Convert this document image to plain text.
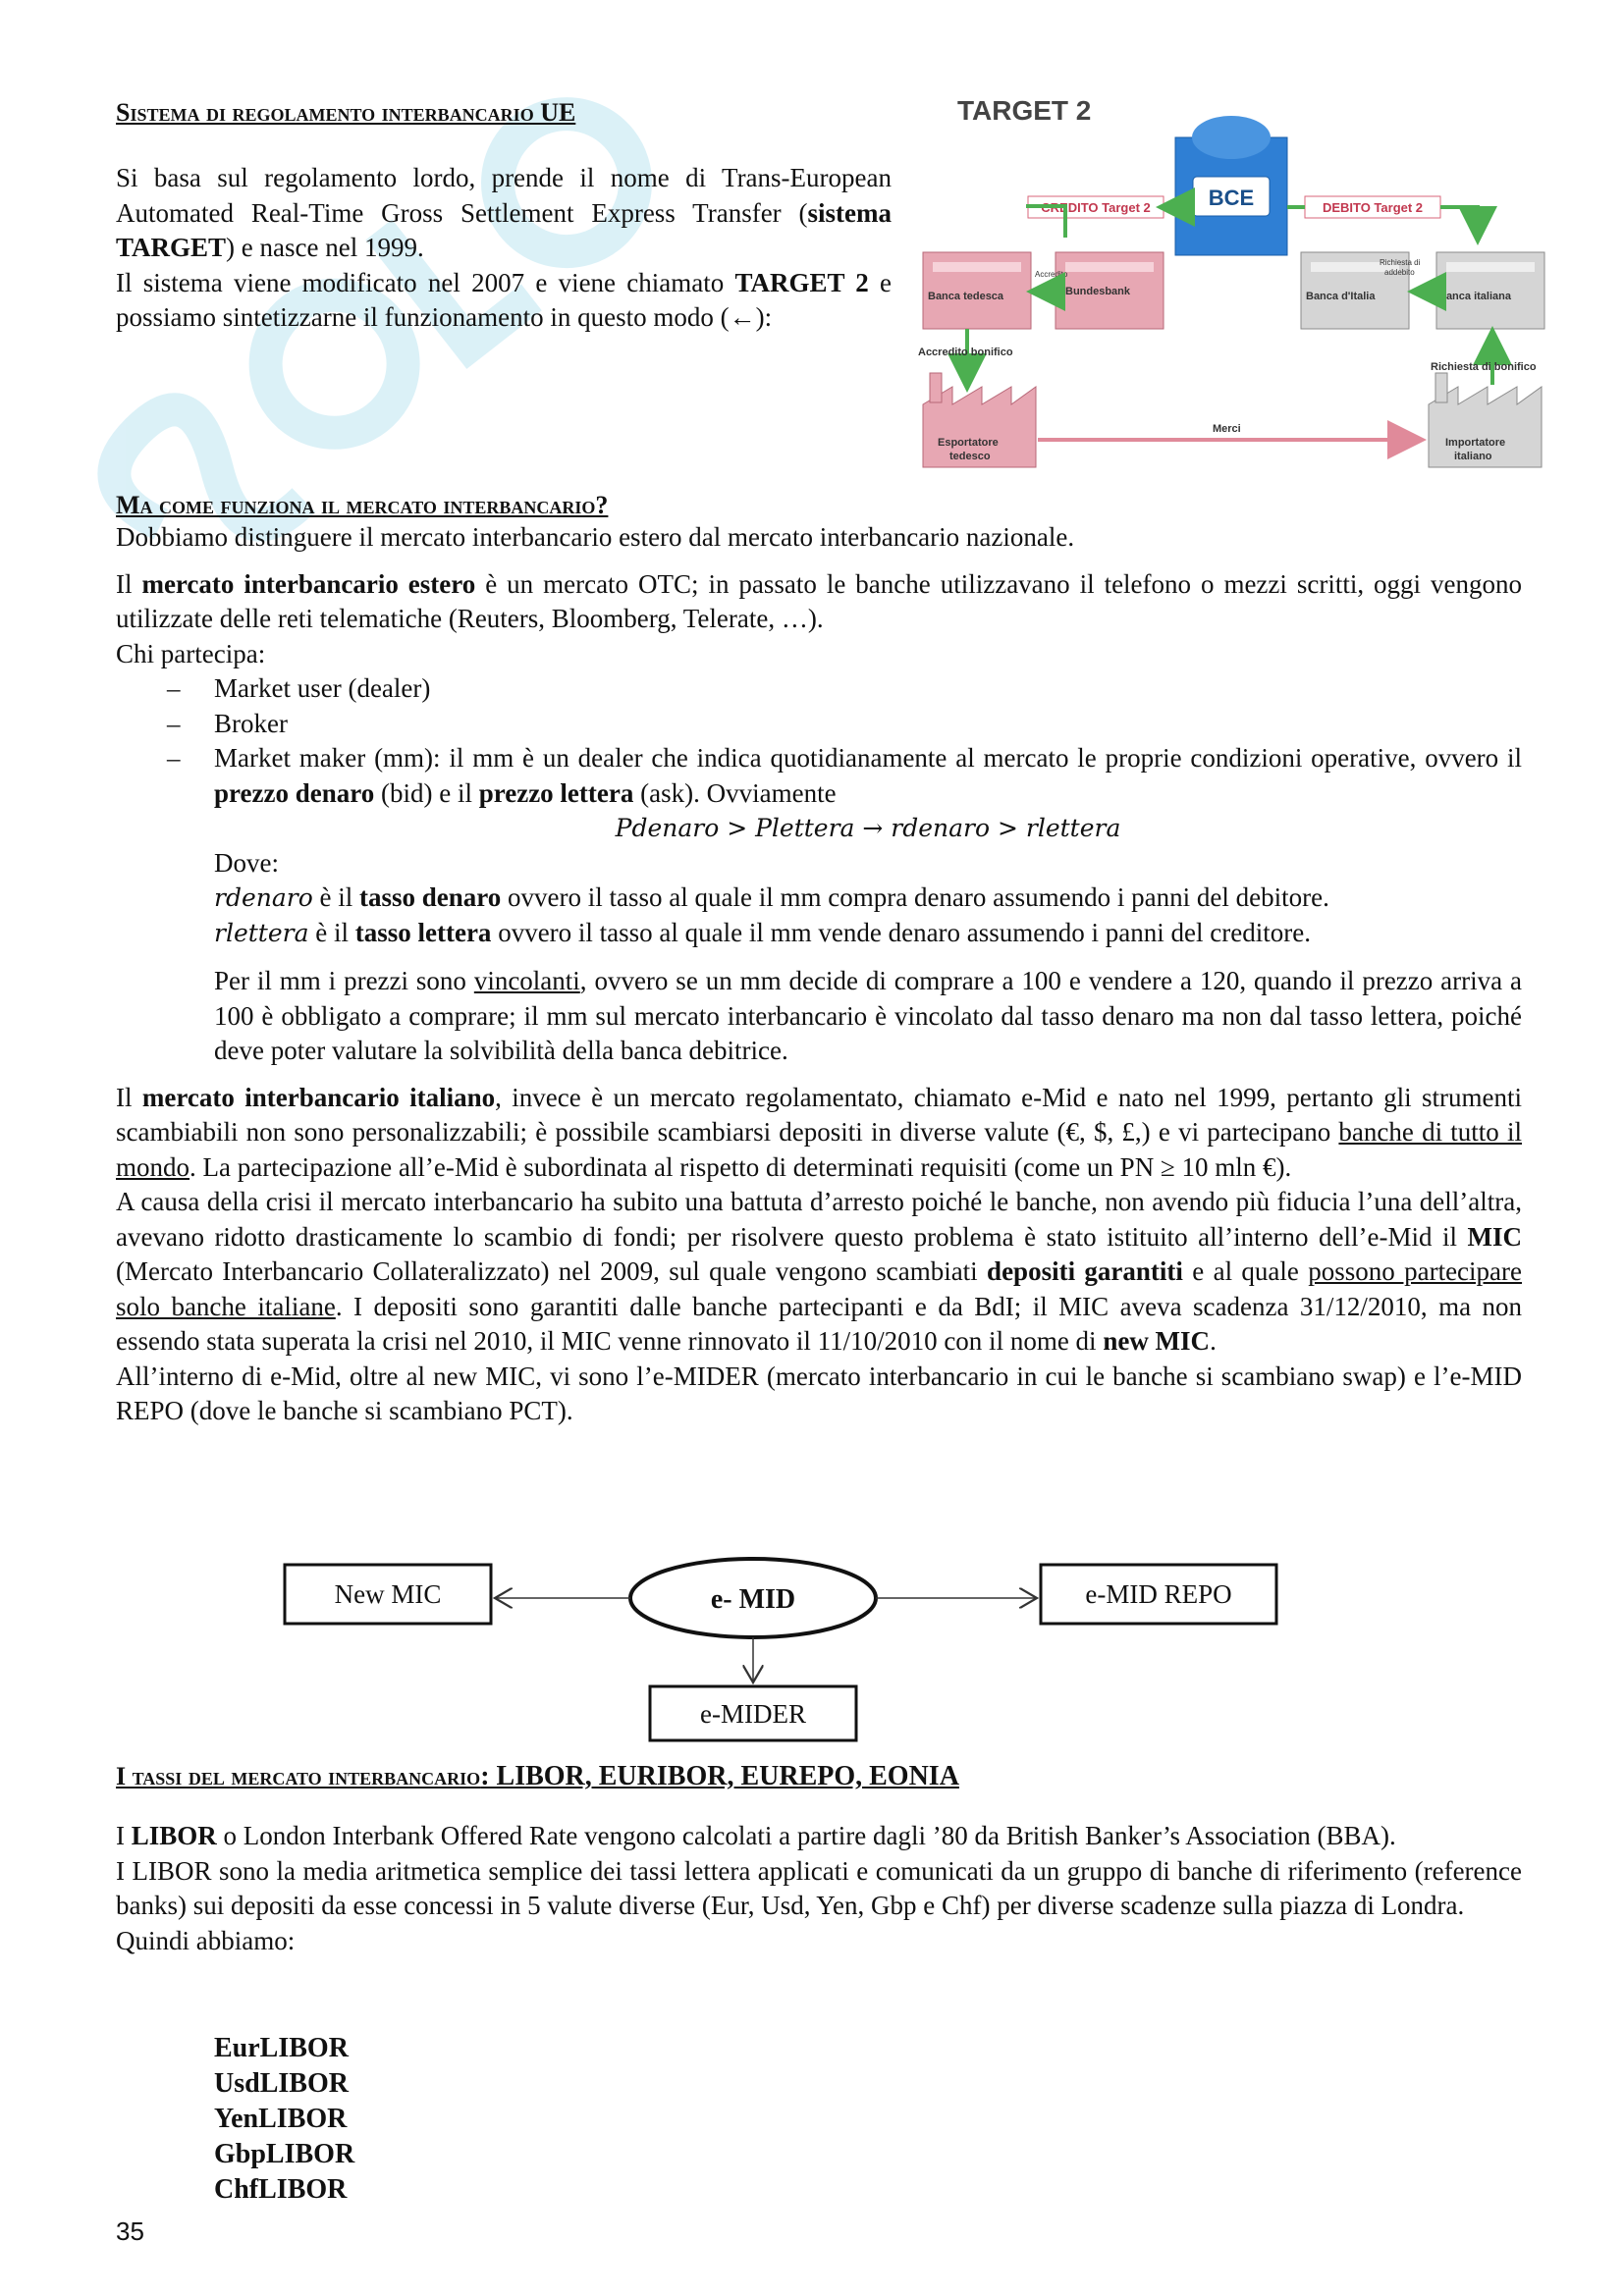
Sistema di regolamento interbancario UE

Si basa sul regolamento lordo, prende il nome di Trans-European Automated Real-Time Gross Settlement Express Transfer (sistema TARGET) e nasce nel 1999.

Il sistema viene modificato nel 2007 e viene chiamato TARGET 2 e possiamo sintetizzarne il funzionamento in questo modo (←):

TARGET 2
BCE
CREDITO Target 2	DEBITO Target 2
Banca tedesca	Bundesbank
Accredito
Banca d'Italia	Banca italiana
Richiesta di
addebito
Accredito bonifico
Richiesta di bonifico
Esportatore
tedesco
Importatore
italiano
Merci
Ma come funziona il mercato interbancario?

Dobbiamo distinguere il mercato interbancario estero dal mercato interbancario nazionale.

Il mercato interbancario estero è un mercato OTC; in passato le banche utilizzavano il telefono o mezzi scritti, oggi vengono utilizzate delle reti telematiche (Reuters, Bloomberg, Telerate, …).

Chi partecipa:

– Market user (dealer)
– Broker
– Market maker (mm): il mm è un dealer che indica quotidianamente al mercato le proprie condizioni operative, ovvero il prezzo denaro (bid) e il prezzo lettera (ask). Ovviamente

Pdenaro > Plettera → rdenaro > rlettera

Dove:

rdenaro è il tasso denaro ovvero il tasso al quale il mm compra denaro assumendo i panni del debitore.

rlettera è il tasso lettera ovvero il tasso al quale il mm vende denaro assumendo i panni del creditore.

Per il mm i prezzi sono vincolanti, ovvero se un mm decide di comprare a 100 e vendere a 120, quando il prezzo arriva a 100 è obbligato a comprare; il mm sul mercato interbancario è vincolato dal tasso denaro ma non dal tasso lettera, poiché deve poter valutare la solvibilità della banca debitrice.

Il mercato interbancario italiano, invece è un mercato regolamentato, chiamato e-Mid e nato nel 1999, pertanto gli strumenti scambiabili non sono personalizzabili; è possibile scambiarsi depositi in diverse valute (€, $, £,) e vi partecipano banche di tutto il mondo. La partecipazione all’e-Mid è subordinata al rispetto di determinati requisiti (come un PN ≥ 10 mln €).

A causa della crisi il mercato interbancario ha subito una battuta d’arresto poiché le banche, non avendo più fiducia l’una dell’altra, avevano ridotto drasticamente lo scambio di fondi; per risolvere questo problema è stato istituito all’interno dell’e-Mid il MIC (Mercato Interbancario Collateralizzato) nel 2009, sul quale vengono scambiati depositi garantiti e al quale possono partecipare solo banche italiane. I depositi sono garantiti dalle banche partecipanti e da BdI; il MIC aveva scadenza 31/12/2010, ma non essendo stata superata la crisi nel 2010, il MIC venne rinnovato il 11/10/2010 con il nome di new MIC.

All’interno di e-Mid, oltre al new MIC, vi sono l’e-MIDER (mercato interbancario in cui le banche si scambiano swap) e l’e-MID REPO (dove le banche si scambiano PCT).

New MIC	e- MID	e-MID REPO
e-MIDER
I tassi del mercato interbancario: LIBOR, EURIBOR, EUREPO, EONIA

I LIBOR o London Interbank Offered Rate vengono calcolati a partire dagli ’80 da British Banker’s Association (BBA).

I LIBOR sono la media aritmetica semplice dei tassi lettera applicati e comunicati da un gruppo di banche di riferimento (reference banks) sui depositi da esse concessi in 5 valute diverse (Eur, Usd, Yen, Gbp e Chf) per diverse scadenze sulla piazza di Londra.

Quindi abbiamo:

EurLIBOR
UsdLIBOR
YenLIBOR
GbpLIBOR
ChfLIBOR
35
